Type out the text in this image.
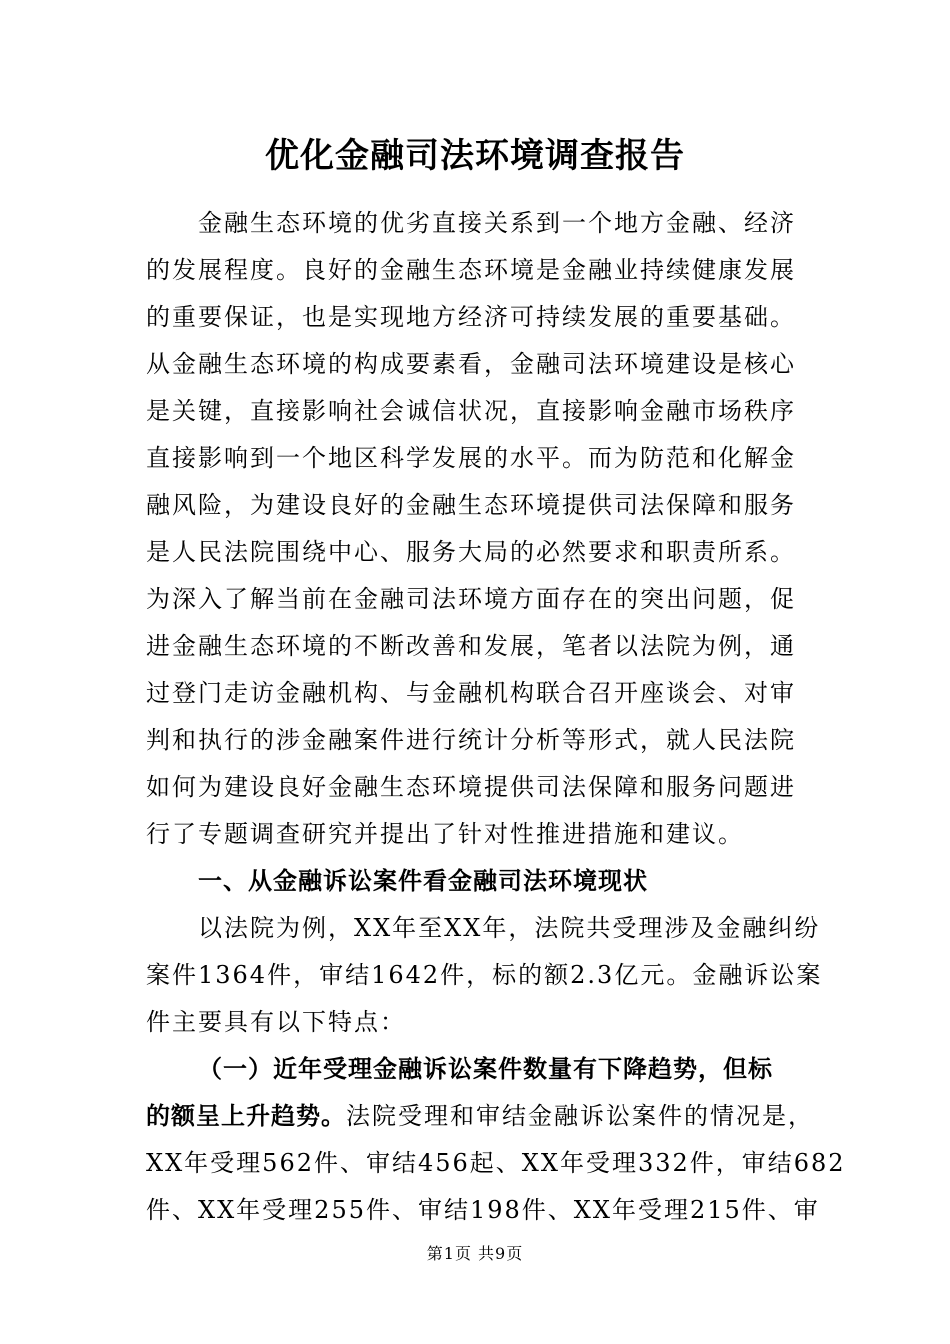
优化金融司法环境调查报告
金融生态环境的优劣直接关系到一个地方金融、经济
的发展程度。良好的金融生态环境是金融业持续健康发展
的重要保证，也是实现地方经济可持续发展的重要基础。
从金融生态环境的构成要素看，金融司法环境建设是核心
是关键，直接影响社会诚信状况，直接影响金融市场秩序
直接影响到一个地区科学发展的水平。而为防范和化解金
融风险，为建设良好的金融生态环境提供司法保障和服务
是人民法院围绕中心、服务大局的必然要求和职责所系。
为深入了解当前在金融司法环境方面存在的突出问题，促
进金融生态环境的不断改善和发展，笔者以法院为例，通
过登门走访金融机构、与金融机构联合召开座谈会、对审
判和执行的涉金融案件进行统计分析等形式，就人民法院
如何为建设良好金融生态环境提供司法保障和服务问题进
行了专题调查研究并提出了针对性推进措施和建议。
一、从金融诉讼案件看金融司法环境现状
以法院为例，XX年至XX年，法院共受理涉及金融纠纷
案件1364件，审结1642件，标的额2.3亿元。金融诉讼案
件主要具有以下特点：
（一）近年受理金融诉讼案件数量有下降趋势，但标
的额呈上升趋势。法院受理和审结金融诉讼案件的情况是，
XX年受理562件、审结456起、XX年受理332件，审结682
件、XX年受理255件、审结198件、XX年受理215件、审
第1页 共9页
